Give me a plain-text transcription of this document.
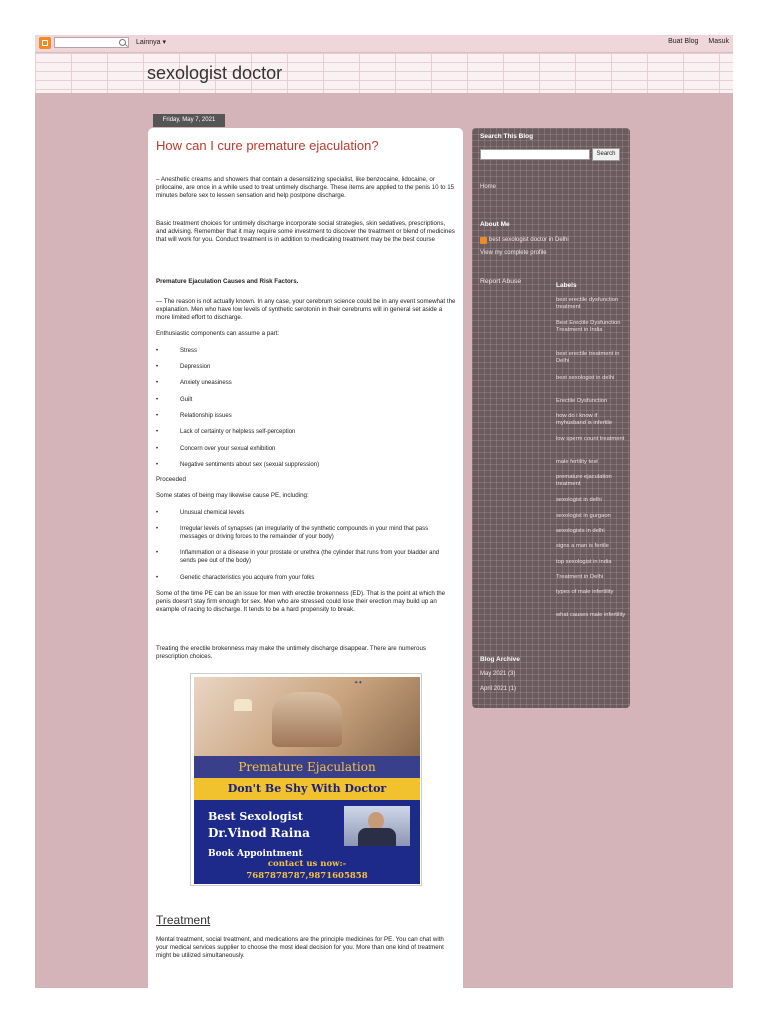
Lainnya ▾	Buat Blog Masuk
sexologist doctor
Friday, May 7, 2021
How can I cure premature ejaculation?

– Anesthetic creams and showers that contain a desensitizing specialist, like benzocaine, lidocaine, or prilocaine, are once in a while used to treat untimely discharge. These items are applied to the penis 10 to 15 minutes before sex to lessen sensation and help postpone discharge.

Basic treatment choices for untimely discharge incorporate social strategies, skin sedatives, prescriptions, and advising. Remember that it may require some investment to discover the treatment or blend of medicines that will work for you. Conduct treatment is in addition to medicating treatment may be the best course

Premature Ejaculation Causes and Risk Factors.

— The reason is not actually known. In any case, your cerebrum science could be in any event somewhat the explanation. Men who have low levels of synthetic serotonin in their cerebrums will in general set aside a more limited effort to discharge.

Enthusiastic components can assume a part:

•	Stress
•	Depression
•	Anxiety uneasiness
•	Guilt
•	Relationship issues
•	Lack of certainty or helpless self-perception
•	Concern over your sexual exhibition
•	Negative sentiments about sex (sexual suppression)

Proceeded

Some states of being may likewise cause PE, including:

•	Unusual chemical levels
•	Irregular levels of synapses (an irregularity of the synthetic compounds in your mind that pass messages or driving forces to the remainder of your body)
•	Inflammation or a disease in your prostate or urethra (the cylinder that runs from your bladder and sends pee out of the body)
•	Genetic characteristics you acquire from your folks

Some of the time PE can be an issue for men with erectile brokenness (ED). That is the point at which the penis doesn't stay firm enough for sex. Men who are stressed could lose their erection may build up an example of racing to discharge. It tends to be a hard propensity to break.

Treating the erectile brokenness may make the untimely discharge disappear. There are numerous prescription choices.

✦✦
Premature Ejaculation
Don't Be Shy With Doctor
Best Sexologist
Dr.Vinod Raina
Book Appointment
contact us now:-
7687878787,9871605858
Treatment

Mental treatment, social treatment, and medications are the principle medicines for PE. You can chat with your medical services supplier to choose the most ideal decision for you. More than one kind of treatment might be utilized simultaneously.

Search This Blog
Search
Home
About Me
best sexologist doctor in Delhi
View my complete profile
Report Abuse
Labels
best erectile dysfunction treatment
Best Erectile Dysfunction Treatment in India
best erectile treatment in Delhi
best sexologist in delhi
Erectile Dysfunction
how do i know if myhusband is infertile
low sperm count treatment
male fertility test
premature ejaculation treatment
sexologist in delhi
sexologist in gurgaon
sexologists in delhi
signs a man is fertile
top sexologist in india
Treatment in Delhi
types of male infertility
what causes male infertility
Blog Archive
May 2021 (3)
April 2021 (1)
